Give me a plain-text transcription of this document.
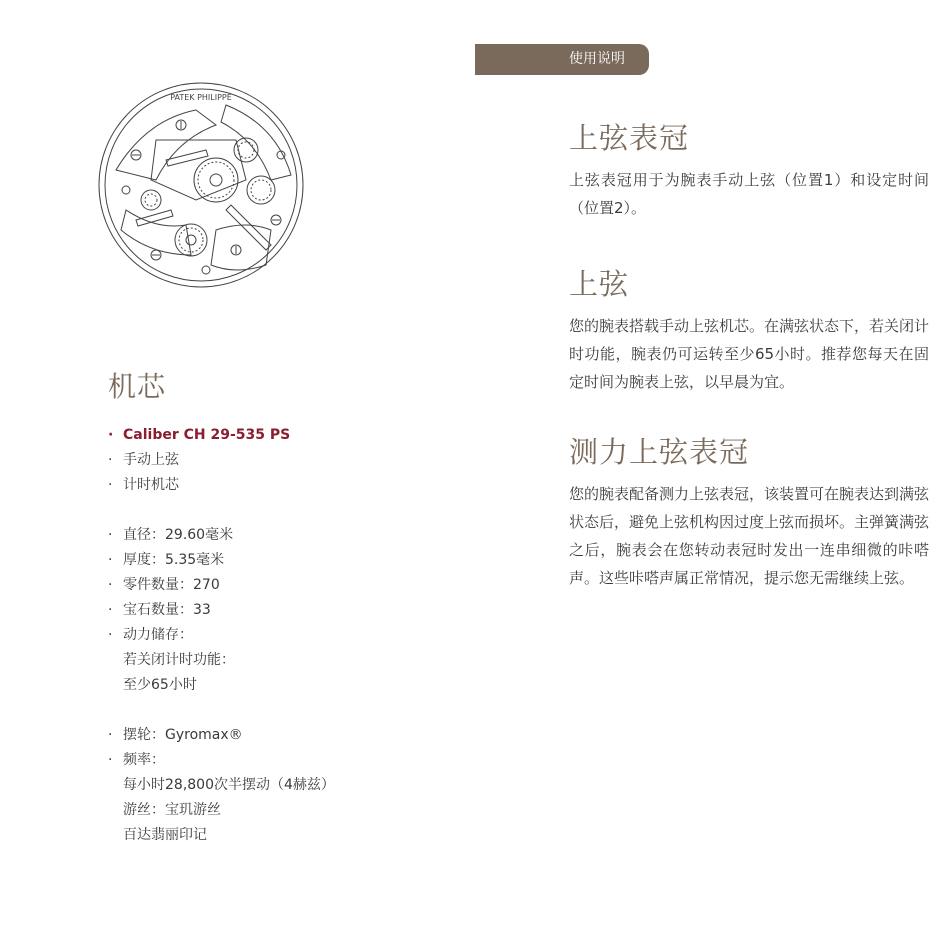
使用说明
PATEK PHILIPPE
机芯
· Caliber CH 29-535 PS
· 手动上弦
· 计时机芯
· 直径：29.60毫米
· 厚度：5.35毫米
· 零件数量：270
· 宝石数量：33
· 动力储存：
若关闭计时功能：
至少65小时
· 摆轮：Gyromax®
· 频率：
每小时28,800次半摆动（4赫兹）
游丝：宝玑游丝
百达翡丽印记
上弦表冠

上弦表冠用于为腕表手动上弦（位置1）和设定时间（位置2）。

上弦

您的腕表搭载手动上弦机芯。在满弦状态下，若关闭计时功能，腕表仍可运转至少65小时。推荐您每天在固定时间为腕表上弦，以早晨为宜。

测力上弦表冠

您的腕表配备测力上弦表冠，该装置可在腕表达到满弦状态后，避免上弦机构因过度上弦而损坏。主弹簧满弦之后，腕表会在您转动表冠时发出一连串细微的咔嗒声。这些咔嗒声属正常情况，提示您无需继续上弦。
